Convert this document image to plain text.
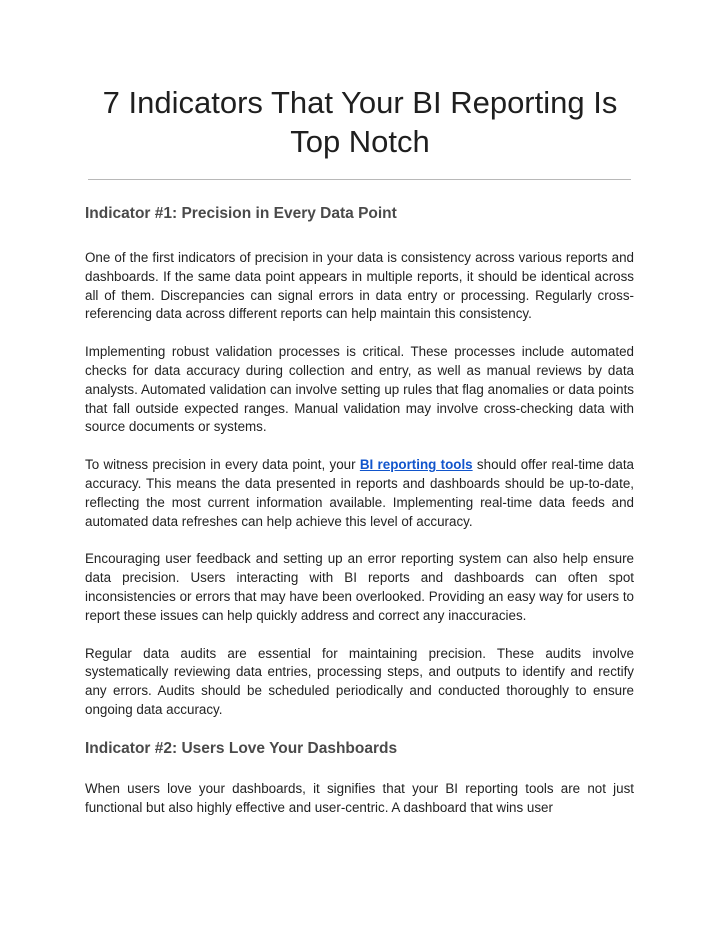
7 Indicators That Your BI Reporting Is
Top Notch
Indicator #1: Precision in Every Data Point

One of the first indicators of precision in your data is consistency across various reports and dashboards. If the same data point appears in multiple reports, it should be identical across all of them. Discrepancies can signal errors in data entry or processing. Regularly cross-referencing data across different reports can help maintain this consistency.

Implementing robust validation processes is critical. These processes include automated checks for data accuracy during collection and entry, as well as manual reviews by data analysts. Automated validation can involve setting up rules that flag anomalies or data points that fall outside expected ranges. Manual validation may involve cross-checking data with source documents or systems.

To witness precision in every data point, your BI reporting tools should offer real-time data accuracy. This means the data presented in reports and dashboards should be up-to-date, reflecting the most current information available. Implementing real-time data feeds and automated data refreshes can help achieve this level of accuracy.

Encouraging user feedback and setting up an error reporting system can also help ensure data precision. Users interacting with BI reports and dashboards can often spot inconsistencies or errors that may have been overlooked. Providing an easy way for users to report these issues can help quickly address and correct any inaccuracies.

Regular data audits are essential for maintaining precision. These audits involve systematically reviewing data entries, processing steps, and outputs to identify and rectify any errors. Audits should be scheduled periodically and conducted thoroughly to ensure ongoing data accuracy.

Indicator #2: Users Love Your Dashboards

When users love your dashboards, it signifies that your BI reporting tools are not just functional but also highly effective and user-centric. A dashboard that wins user
